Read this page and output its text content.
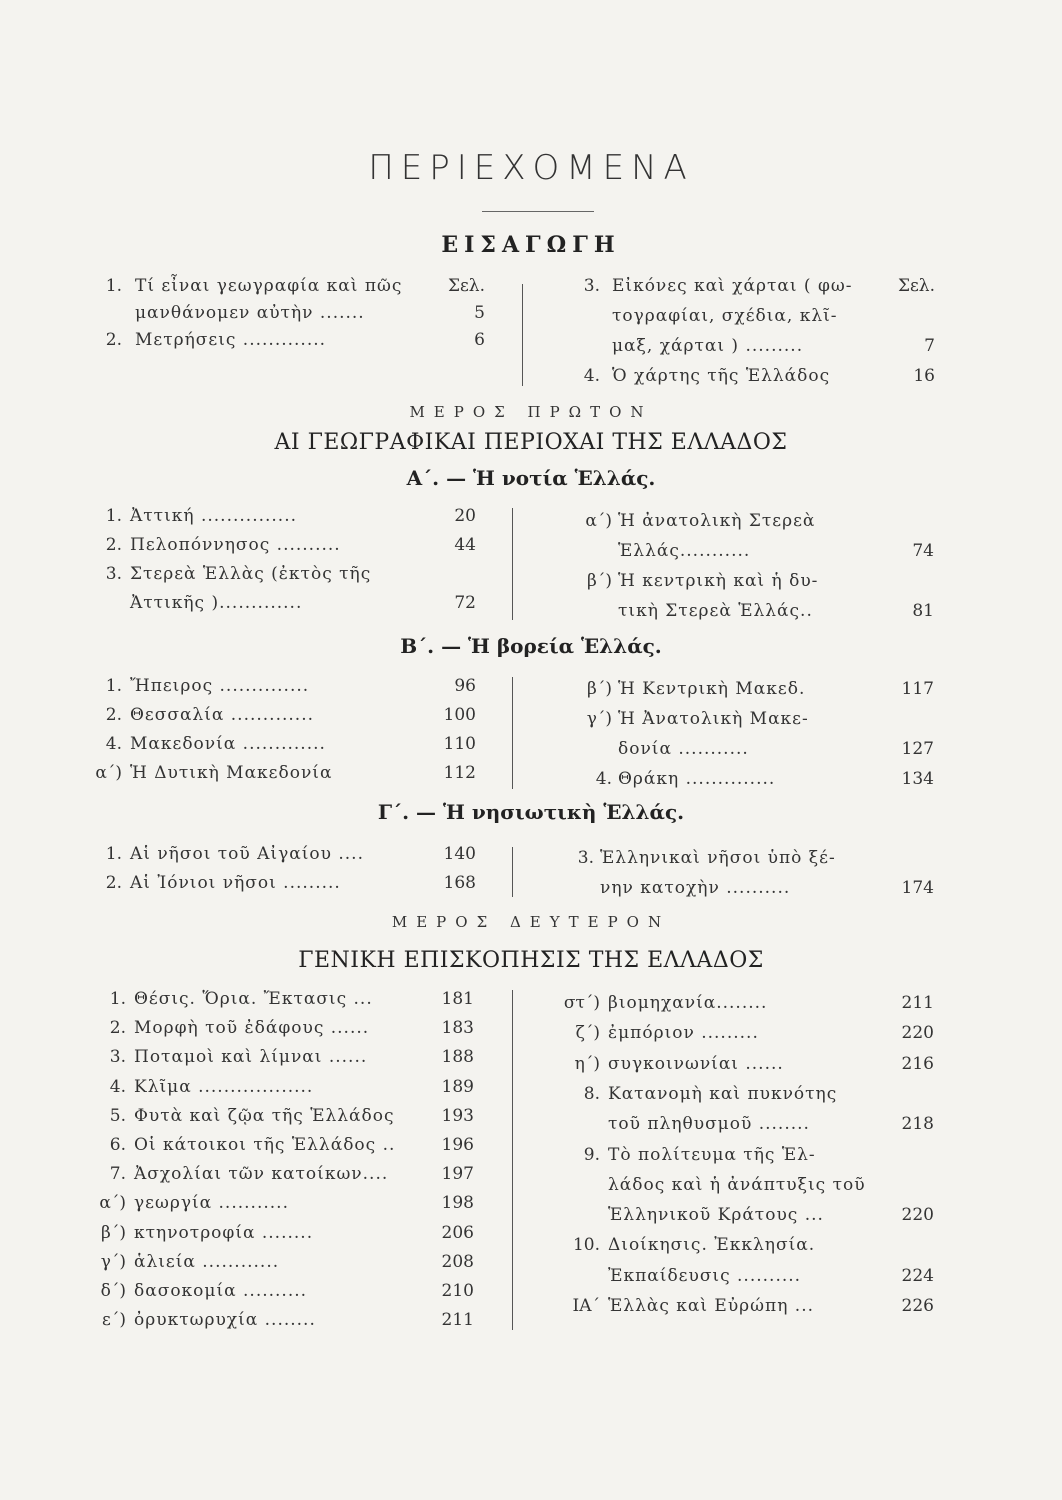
ΠΕΡΙΕΧΟΜΕΝΑ
ΕΙΣΑΓΩΓΗ
ΜΕΡΟΣ ΠΡΩΤΟΝ
ΑΙ ΓΕΩΓΡΑΦΙΚΑΙ ΠΕΡΙΟΧΑΙ ΤΗΣ ΕΛΛΑΔΟΣ
Α΄. — Ἡ νοτία Ἑλλάς.
Β΄. — Ἡ βορεία Ἑλλάς.
Γ΄. — Ἡ νησιωτικὴ Ἑλλάς.
ΜΕΡΟΣ ΔΕΥΤΕΡΟΝ
ΓΕΝΙΚΗ ΕΠΙΣΚΟΠΗΣΙΣ ΤΗΣ ΕΛΛΑΔΟΣ
1. Τί εἶναι γεωγραφία καὶ πῶς	Σελ.
μανθάνομεν αὐτὴν .......	5
2. Μετρήσεις .............	6
3. Εἰκόνες καὶ χάρται ( φω-	Σελ.
τογραφίαι, σχέδια, κλῖ-
μαξ, χάρται ) .........	7
4. Ὁ χάρτης τῆς Ἑλλάδος	16
1. Ἀττική ...............	20
2. Πελοπόννησος ..........	44
3. Στερεὰ Ἑλλὰς (ἐκτὸς τῆς
Ἀττικῆς ).............	72
α΄) Ἡ ἀνατολικὴ Στερεὰ
Ἑλλάς...........	74
β΄) Ἡ κεντρικὴ καὶ ἡ δυ-
τικὴ Στερεὰ Ἑλλάς..	81
1. Ἤπειρος ..............	96
2. Θεσσαλία .............	100
4. Μακεδονία .............	110
α΄) Ἡ Δυτικὴ Μακεδονία	112
β΄) Ἡ Κεντρικὴ Μακεδ.	117
γ΄) Ἡ Ἀνατολικὴ Μακε-
δονία ...........	127
4. Θράκη ..............	134
1. Αἱ νῆσοι τοῦ Αἰγαίου ....	140
2. Αἱ Ἰόνιοι νῆσοι .........	168
3. Ἑλληνικαὶ νῆσοι ὑπὸ ξέ-
νην κατοχὴν ..........	174
1. Θέσις. Ὅρια. Ἔκτασις ...	181
2. Μορφὴ τοῦ ἐδάφους ......	183
3. Ποταμοὶ καὶ λίμναι ......	188
4. Κλῖμα ..................	189
5. Φυτὰ καὶ ζῷα τῆς Ἑλλάδος	193
6. Οἱ κάτοικοι τῆς Ἑλλάδος ..	196
7. Ἀσχολίαι τῶν κατοίκων....	197
α΄) γεωργία ...........	198
β΄) κτηνοτροφία ........	206
γ΄) ἁλιεία ............	208
δ΄) δασοκομία ..........	210
ε΄) ὀρυκτωρυχία ........	211
στ΄) βιομηχανία........	211
ζ΄) ἐμπόριον .........	220
η΄) συγκοινωνίαι ......	216
8. Κατανομὴ καὶ πυκνότης
τοῦ πληθυσμοῦ ........	218
9. Τὸ πολίτευμα τῆς Ἑλ-
λάδος καὶ ἡ ἀνάπτυξις τοῦ
Ἑλληνικοῦ Κράτους ...	220
10. Διοίκησις. Ἐκκλησία.
Ἐκπαίδευσις ..........	224
ΙΑ΄ Ἑλλὰς καὶ Εὐρώπη ...	226
